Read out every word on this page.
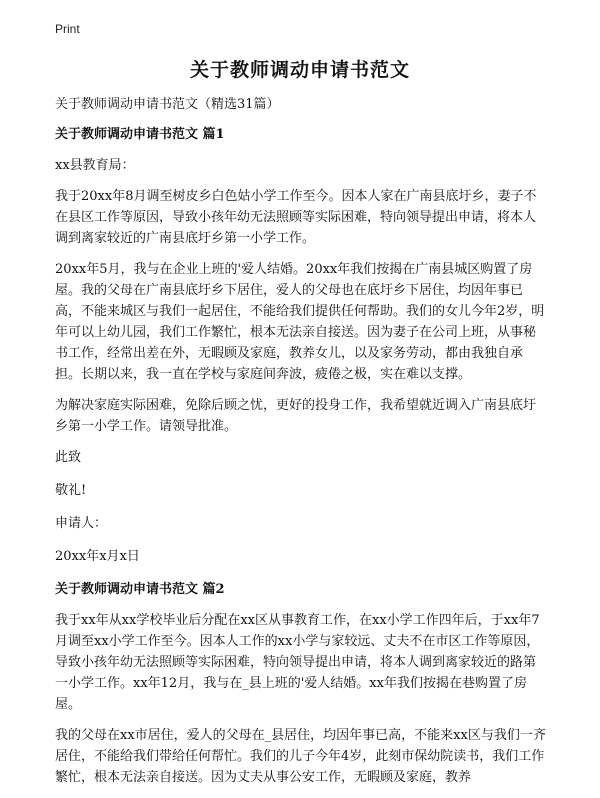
Print
关于教师调动申请书范文

关于教师调动申请书范文（精选31篇）

关于教师调动申请书范文 篇1

xx县教育局：

我于20xx年8月调至树皮乡白色姑小学工作至今。因本人家在广南县底圩乡，妻子不在县区工作等原因，导致小孩年幼无法照顾等实际困难，特向领导提出申请，将本人调到离家较近的广南县底圩乡第一小学工作。

20xx年5月，我与在企业上班的'爱人结婚。20xx年我们按揭在广南县城区购置了房屋。我的父母在广南县底圩乡下居住，爱人的父母也在底圩乡下居住，均因年事已高，不能来城区与我们一起居住，不能给我们提供任何帮助。我们的女儿今年2岁，明年可以上幼儿园，我们工作繁忙，根本无法亲自接送。因为妻子在公司上班，从事秘书工作，经常出差在外，无暇顾及家庭，教养女儿，以及家务劳动，都由我独自承担。长期以来，我一直在学校与家庭间奔波，疲倦之极，实在难以支撑。

为解决家庭实际困难，免除后顾之忧，更好的投身工作，我希望就近调入广南县底圩乡第一小学工作。请领导批准。

此致

敬礼!

申请人：

20xx年x月x日

关于教师调动申请书范文 篇2

我于xx年从xx学校毕业后分配在xx区从事教育工作，在xx小学工作四年后，于xx年7月调至xx小学工作至今。因本人工作的xx小学与家较远、丈夫不在市区工作等原因，导致小孩年幼无法照顾等实际困难，特向领导提出申请，将本人调到离家较近的路第一小学工作。xx年12月，我与在_县上班的'爱人结婚。xx年我们按揭在巷购置了房屋。

我的父母在xx市居住，爱人的父母在_县居住，均因年事已高，不能来xx区与我们一齐居住，不能给我们带给任何帮忙。我们的儿子今年4岁，此刻市保幼院读书，我们工作繁忙，根本无法亲自接送。因为丈夫从事公安工作，无暇顾及家庭，教养
